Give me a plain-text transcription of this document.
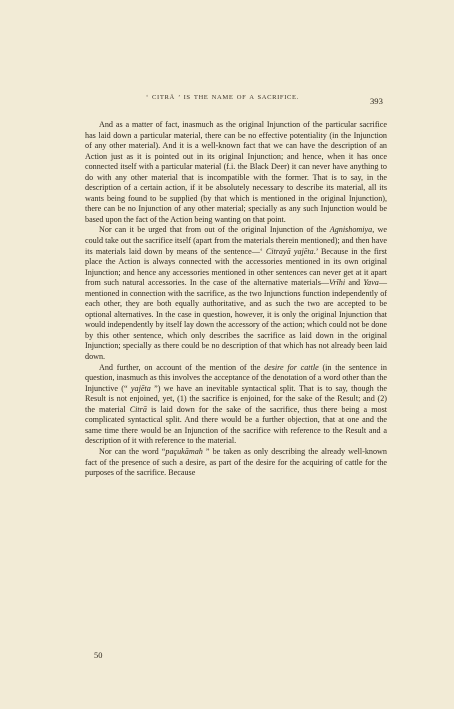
‘ CITRĀ ’ IS THE NAME OF A SACRIFICE.	393

And as a matter of fact, inasmuch as the original Injunction of the particular sacrifice has laid down a particular material, there can be no effective potentiality (in the Injunction of any other material). And it is a well-known fact that we can have the description of an Action just as it is pointed out in its original Injunction; and hence, when it has once connected itself with a particular material (f.i. the Black Deer) it can never have anything to do with any other material that is incompatible with the former. That is to say, in the description of a certain action, if it be absolutely necessary to describe its material, all its wants being found to be supplied (by that which is mentioned in the original Injunction), there can be no Injunction of any other material; specially as any such Injunction would be based upon the fact of the Action being wanting on that point.

Nor can it be urged that from out of the original Injunction of the Agnishomiya, we could take out the sacrifice itself (apart from the materials therein mentioned); and then have its materials laid down by means of the sentence—‘ Citrayā yajēta.’ Because in the first place the Action is always connected with the accessories mentioned in its own original Injunction; and hence any accessories mentioned in other sentences can never get at it apart from such natural accessories. In the case of the alternative materials—Vrīhi and Yava—mentioned in connection with the sacrifice, as the two Injunctions function independently of each other, they are both equally authoritative, and as such the two are accepted to be optional alternatives. In the case in question, however, it is only the original Injunction that would independently by itself lay down the accessory of the action; which could not be done by this other sentence, which only describes the sacrifice as laid down in the original Injunction; specially as there could be no description of that which has not already been laid down.

And further, on account of the mention of the desire for cattle (in the sentence in question, inasmuch as this involves the acceptance of the denotation of a word other than the Injunctive (“ yajēta ”) we have an inevitable syntactical split. That is to say, though the Result is not enjoined, yet, (1) the sacrifice is enjoined, for the sake of the Result; and (2) the material Citrā is laid down for the sake of the sacrifice, thus there being a most complicated syntactical split. And there would be a further objection, that at one and the same time there would be an Injunction of the sacrifice with reference to the Result and a description of it with reference to the material.

Nor can the word “paçukāmah ” be taken as only describing the already well-known fact of the presence of such a desire, as part of the desire for the acquiring of cattle for the purposes of the sacrifice. Because

50
